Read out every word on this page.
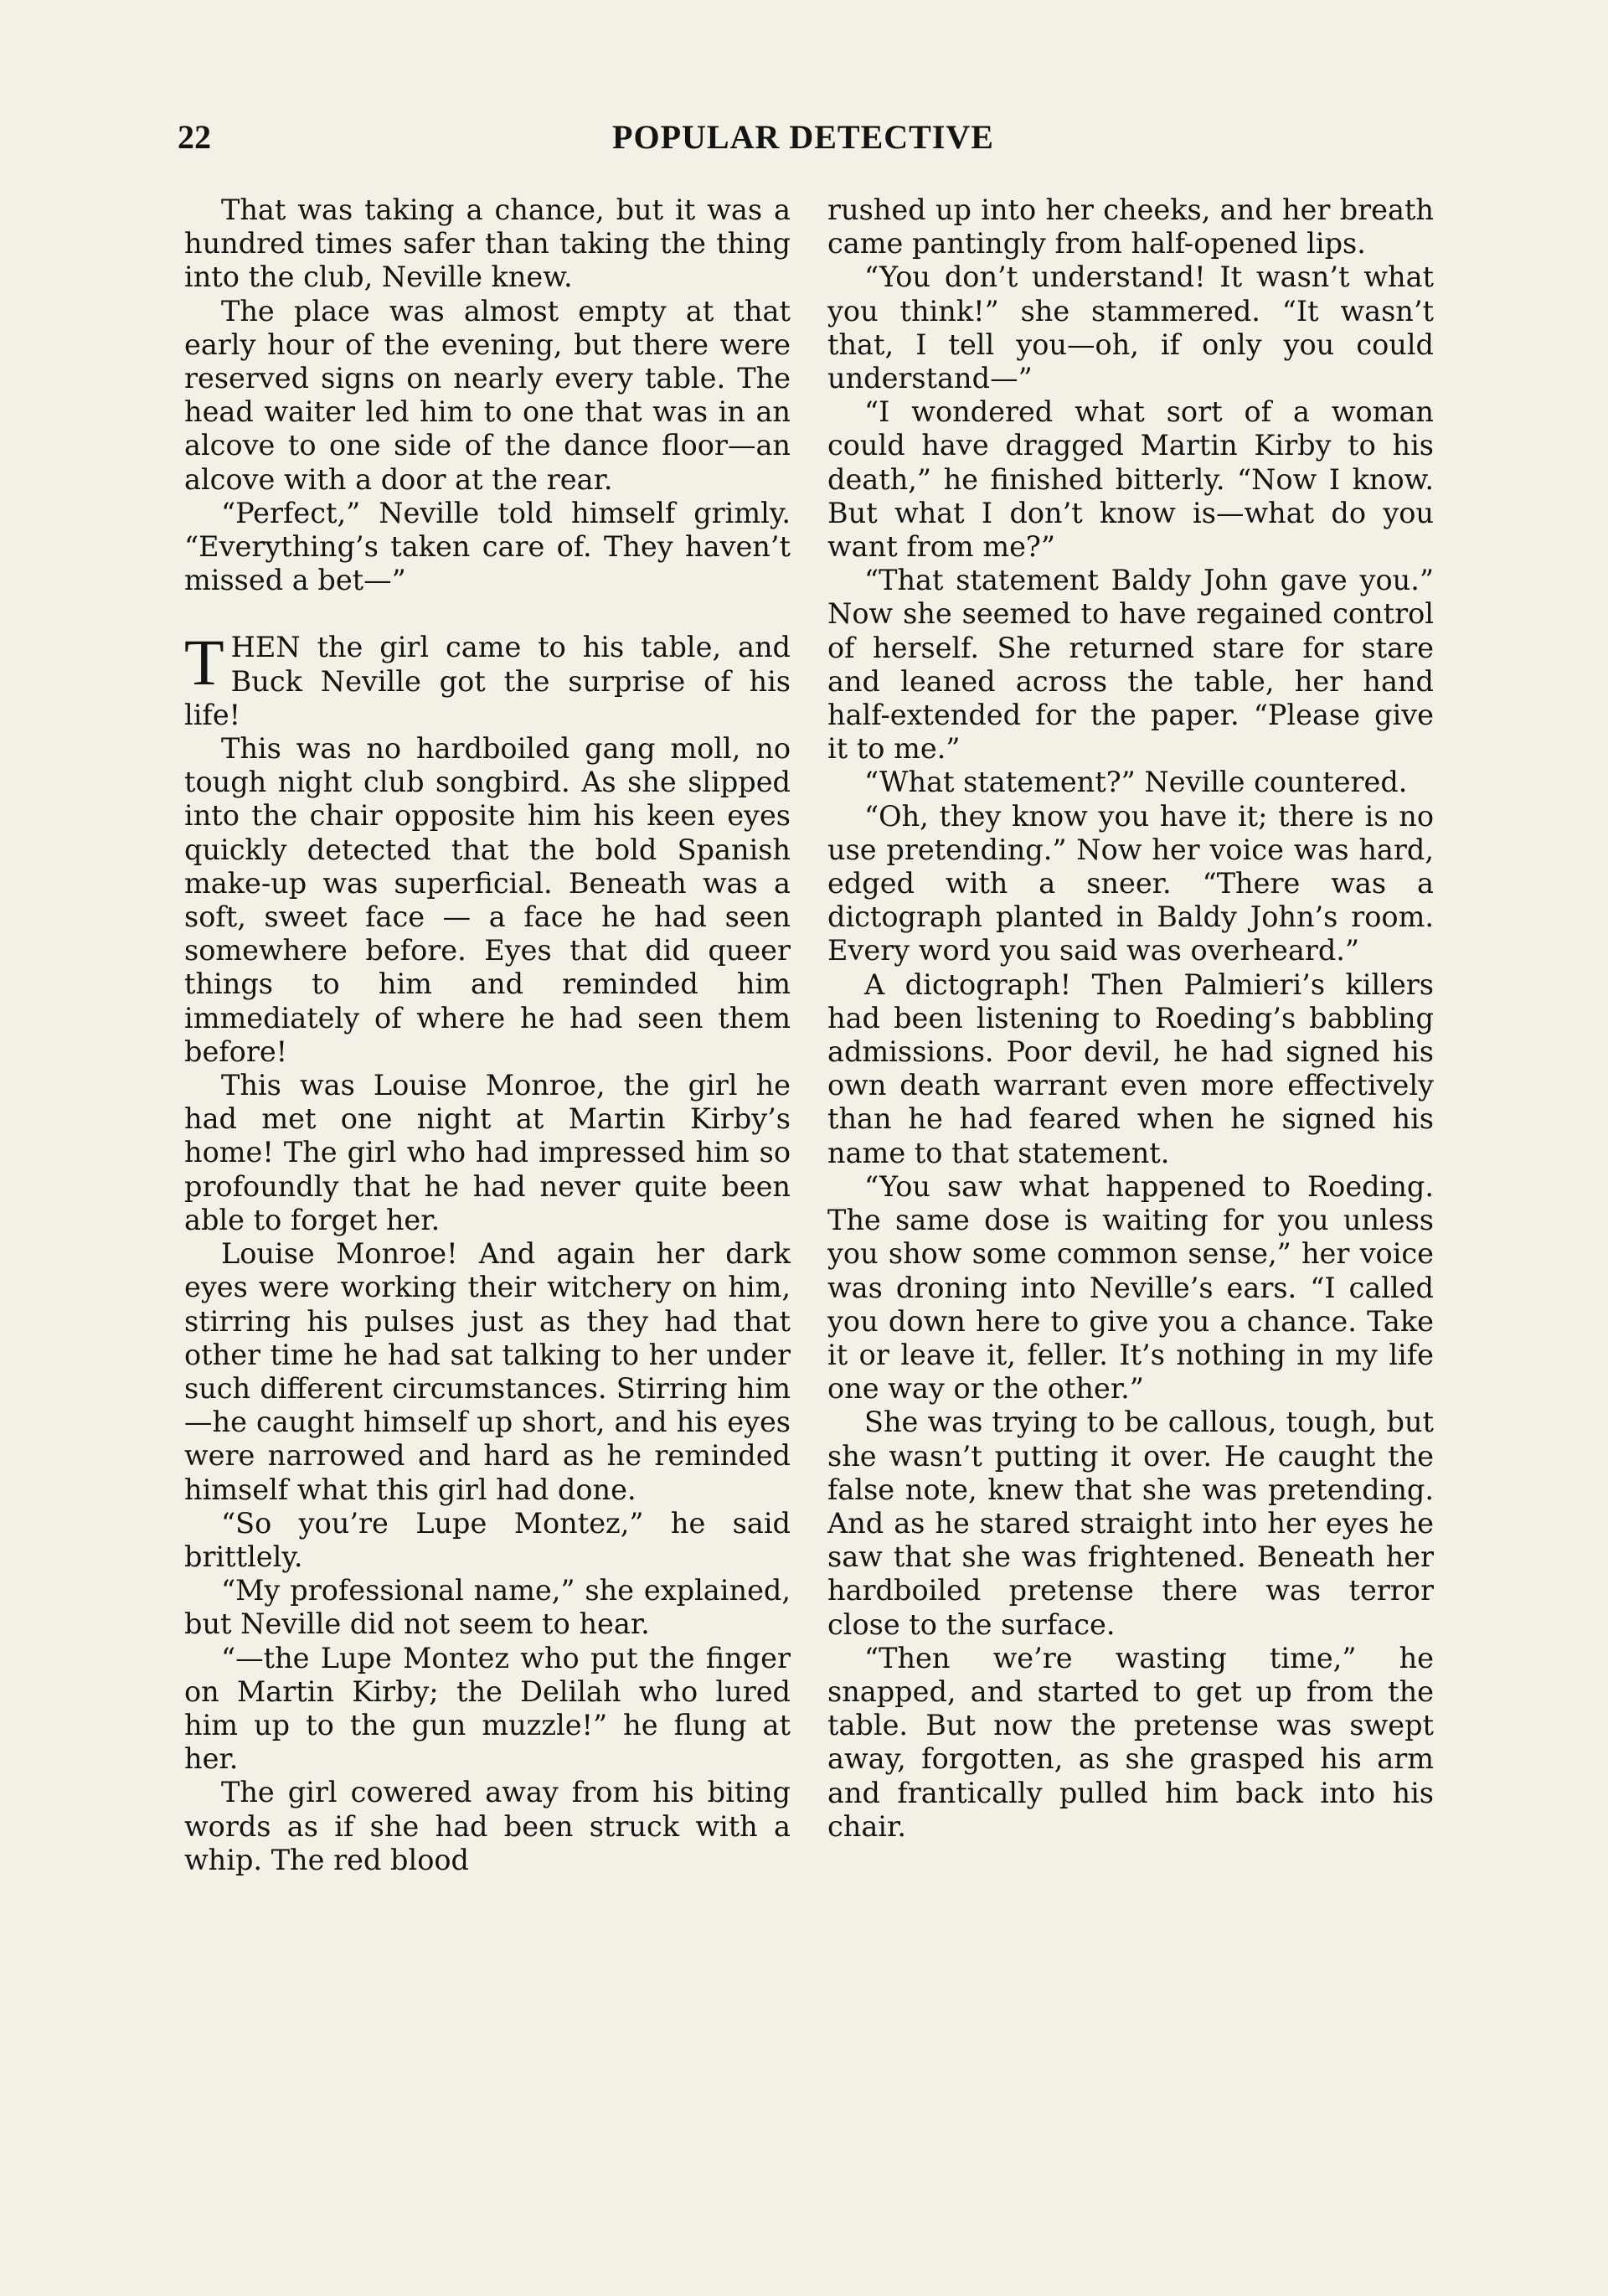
22	POPULAR DETECTIVE

That was taking a chance, but it was a hundred times safer than taking the thing into the club, Neville knew.

The place was almost empty at that early hour of the evening, but there were reserved signs on nearly every table. The head waiter led him to one that was in an alcove to one side of the dance floor—an alcove with a door at the rear.

“Perfect,” Neville told himself grimly. “Everything’s taken care of. They haven’t missed a bet—”

THEN the girl came to his table, and Buck Neville got the surprise of his life!

This was no hardboiled gang moll, no tough night club songbird. As she slipped into the chair opposite him his keen eyes quickly detected that the bold Spanish make-up was superficial. Beneath was a soft, sweet face — a face he had seen somewhere before. Eyes that did queer things to him and reminded him immediately of where he had seen them before!

This was Louise Monroe, the girl he had met one night at Martin Kirby’s home! The girl who had impressed him so profoundly that he had never quite been able to forget her.

Louise Monroe! And again her dark eyes were working their witchery on him, stirring his pulses just as they had that other time he had sat talking to her under such different circumstances. Stirring him—he caught himself up short, and his eyes were narrowed and hard as he reminded himself what this girl had done.

“So you’re Lupe Montez,” he said brittlely.

“My professional name,” she explained, but Neville did not seem to hear.

“—the Lupe Montez who put the finger on Martin Kirby; the Delilah who lured him up to the gun muzzle!” he flung at her.

The girl cowered away from his biting words as if she had been struck with a whip. The red blood

rushed up into her cheeks, and her breath came pantingly from half-opened lips.

“You don’t understand! It wasn’t what you think!” she stammered. “It wasn’t that, I tell you—oh, if only you could understand—”

“I wondered what sort of a woman could have dragged Martin Kirby to his death,” he finished bitterly. “Now I know. But what I don’t know is—what do you want from me?”

“That statement Baldy John gave you.” Now she seemed to have regained control of herself. She returned stare for stare and leaned across the table, her hand half-extended for the paper. “Please give it to me.”

“What statement?” Neville countered.

“Oh, they know you have it; there is no use pretending.” Now her voice was hard, edged with a sneer. “There was a dictograph planted in Baldy John’s room. Every word you said was overheard.”

A dictograph! Then Palmieri’s killers had been listening to Roeding’s babbling admissions. Poor devil, he had signed his own death warrant even more effectively than he had feared when he signed his name to that statement.

“You saw what happened to Roeding. The same dose is waiting for you unless you show some common sense,” her voice was droning into Neville’s ears. “I called you down here to give you a chance. Take it or leave it, feller. It’s nothing in my life one way or the other.”

She was trying to be callous, tough, but she wasn’t putting it over. He caught the false note, knew that she was pretending. And as he stared straight into her eyes he saw that she was frightened. Beneath her hardboiled pretense there was terror close to the surface.

“Then we’re wasting time,” he snapped, and started to get up from the table. But now the pretense was swept away, forgotten, as she grasped his arm and frantically pulled him back into his chair.
